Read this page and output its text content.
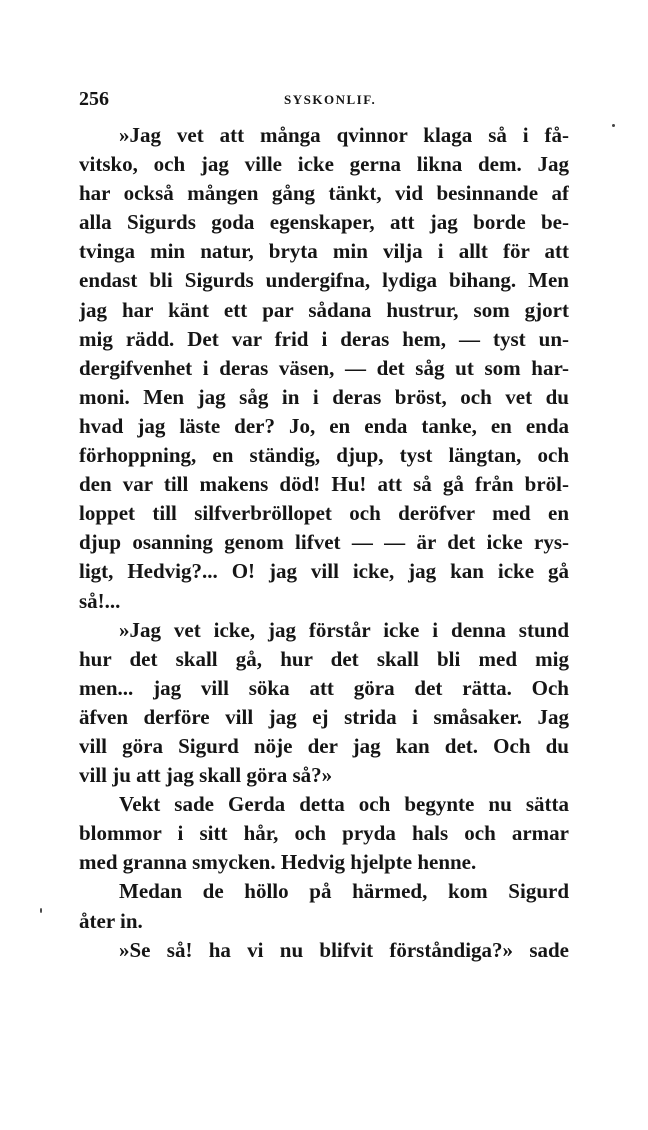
256	SYSKONLIF.
»Jag vet att många qvinnor klaga så i få-
vitsko, och jag ville icke gerna likna dem. Jag
har också mången gång tänkt, vid besinnande af
alla Sigurds goda egenskaper, att jag borde be-
tvinga min natur, bryta min vilja i allt för att
endast bli Sigurds undergifna, lydiga bihang. Men
jag har känt ett par sådana hustrur, som gjort
mig rädd. Det var frid i deras hem, — tyst un-
dergifvenhet i deras väsen, — det såg ut som har-
moni. Men jag såg in i deras bröst, och vet du
hvad jag läste der? Jo, en enda tanke, en enda
förhoppning, en ständig, djup, tyst längtan, och
den var till makens död! Hu! att så gå från bröl-
loppet till silfverbröllopet och deröfver med en
djup osanning genom lifvet — — är det icke rys-
ligt, Hedvig?... O! jag vill icke, jag kan icke gå
så!...
»Jag vet icke, jag förstår icke i denna stund
hur det skall gå, hur det skall bli med mig
men... jag vill söka att göra det rätta. Och
äfven derföre vill jag ej strida i småsaker. Jag
vill göra Sigurd nöje der jag kan det. Och du
vill ju att jag skall göra så?»
Vekt sade Gerda detta och begynte nu sätta
blommor i sitt hår, och pryda hals och armar
med granna smycken. Hedvig hjelpte henne.
Medan de höllo på härmed, kom Sigurd
åter in.
»Se så! ha vi nu blifvit förståndiga?» sade
